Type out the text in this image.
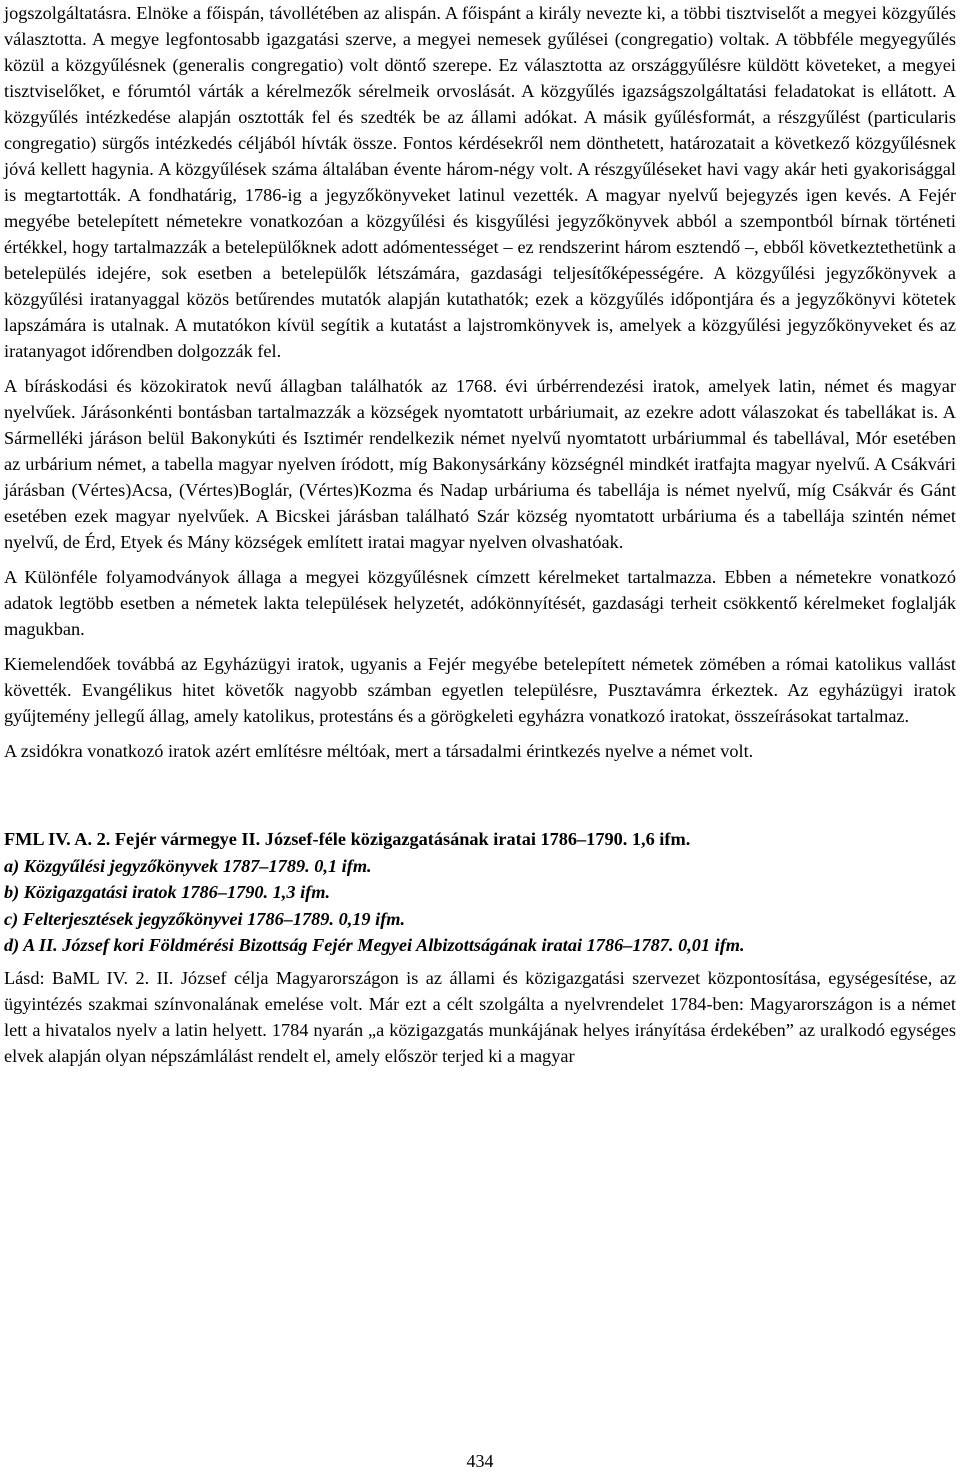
jogszolgáltatásra. Elnöke a főispán, távollétében az alispán. A főispánt a király nevezte ki, a többi tisztviselőt a megyei közgyűlés választotta. A megye legfontosabb igazgatási szerve, a megyei nemesek gyűlései (congregatio) voltak. A többféle megyegyűlés közül a közgyűlésnek (generalis congregatio) volt döntő szerepe. Ez választotta az országgyűlésre küldött követeket, a megyei tisztviselőket, e fórumtól várták a kérelmezők sérelmeik orvoslását. A közgyűlés igazságszolgáltatási feladatokat is ellátott. A közgyűlés intézkedése alapján osztották fel és szedték be az állami adókat. A másik gyűlésformát, a részgyűlést (particularis congregatio) sürgős intézkedés céljából hívták össze. Fontos kérdésekről nem dönthetett, határozatait a következő közgyűlésnek jóvá kellett hagynia. A közgyűlések száma általában évente három-négy volt. A részgyűléseket havi vagy akár heti gyakorisággal is megtartották. A fondhatárig, 1786-ig a jegyzőkönyveket latinul vezették. A magyar nyelvű bejegyzés igen kevés. A Fejér megyébe betelepített németekre vonatkozóan a közgyűlési és kisgyűlési jegyzőkönyvek abból a szempontból bírnak történeti értékkel, hogy tartalmazzák a betelepülőknek adott adómentességet – ez rendszerint három esztendő –, ebből következtethetünk a betelepülés idejére, sok esetben a betelepülők létszámára, gazdasági teljesítőképességére. A közgyűlési jegyzőkönyvek a közgyűlési iratanyaggal közös betűrendes mutatók alapján kutathatók; ezek a közgyűlés időpontjára és a jegyzőkönyvi kötetek lapszámára is utalnak. A mutatókon kívül segítik a kutatást a lajstromkönyvek is, amelyek a közgyűlési jegyzőkönyveket és az iratanyagot időrendben dolgozzák fel.

A bíráskodási és közokiratok nevű állagban találhatók az 1768. évi úrbérrendezési iratok, amelyek latin, német és magyar nyelvűek. Járásonkénti bontásban tartalmazzák a községek nyomtatott urbáriumait, az ezekre adott válaszokat és tabellákat is. A Sármelléki járáson belül Bakonykúti és Isztimér rendelkezik német nyelvű nyomtatott urbáriummal és tabellával, Mór esetében az urbárium német, a tabella magyar nyelven íródott, míg Bakonysárkány községnél mindkét iratfajta magyar nyelvű. A Csákvári járásban (Vértes)Acsa, (Vértes)Boglár, (Vértes)Kozma és Nadap urbáriuma és tabellája is német nyelvű, míg Csákvár és Gánt esetében ezek magyar nyelvűek. A Bicskei járásban található Szár község nyomtatott urbáriuma és a tabellája szintén német nyelvű, de Érd, Etyek és Mány községek említett iratai magyar nyelven olvashatóak.

A Különféle folyamodványok állaga a megyei közgyűlésnek címzett kérelmeket tartalmazza. Ebben a németekre vonatkozó adatok legtöbb esetben a németek lakta települések helyzetét, adókönnyítését, gazdasági terheit csökkentő kérelmeket foglalják magukban.

Kiemelendőek továbbá az Egyházügyi iratok, ugyanis a Fejér megyébe betelepített németek zömében a római katolikus vallást követték. Evangélikus hitet követők nagyobb számban egyetlen településre, Pusztavámra érkeztek. Az egyházügyi iratok gyűjtemény jellegű állag, amely katolikus, protestáns és a görögkeleti egyházra vonatkozó iratokat, összeírásokat tartalmaz.

A zsidókra vonatkozó iratok azért említésre méltóak, mert a társadalmi érintkezés nyelve a német volt.

FML IV. A. 2. Fejér vármegye II. József-féle közigazgatásának iratai 1786–1790. 1,6 ifm.

a) Közgyűlési jegyzőkönyvek 1787–1789. 0,1 ifm.

b) Közigazgatási iratok 1786–1790. 1,3 ifm.

c) Felterjesztések jegyzőkönyvei 1786–1789. 0,19 ifm.

d) A II. József kori Földmérési Bizottság Fejér Megyei Albizottságának iratai 1786–1787. 0,01 ifm.

Lásd: BaML IV. 2. II. József célja Magyarországon is az állami és közigazgatási szervezet központosítása, egységesítése, az ügyintézés szakmai színvonalának emelése volt. Már ezt a célt szolgálta a nyelvrendelet 1784-ben: Magyarországon is a német lett a hivatalos nyelv a latin helyett. 1784 nyarán „a közigazgatás munkájának helyes irányítása érdekében” az uralkodó egységes elvek alapján olyan népszámlálást rendelt el, amely először terjed ki a magyar

434
